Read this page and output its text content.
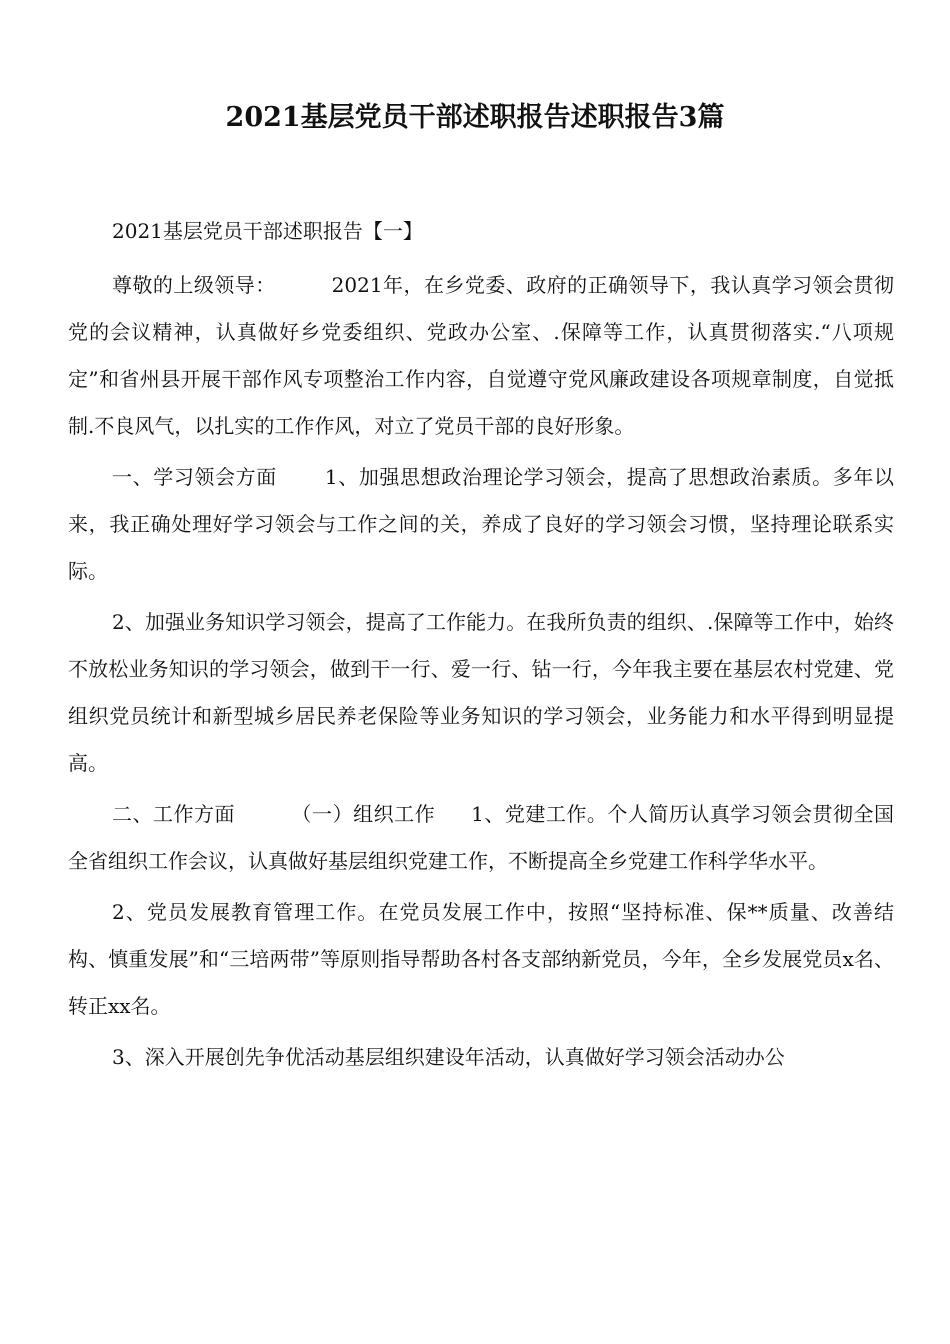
2021基层党员干部述职报告述职报告3篇
2021基层党员干部述职报告【一】

尊敬的上级领导：	2021年，在乡党委、政府的正确领导下，我认真学习领会贯彻党的会议精神，认真做好乡党委组织、党政办公室、.保障等工作，认真贯彻落实.“八项规定”和省州县开展干部作风专项整治工作内容，自觉遵守党风廉政建设各项规章制度，自觉抵制.不良风气，以扎实的工作作风，对立了党员干部的良好形象。

一、学习领会方面 1、加强思想政治理论学习领会，提高了思想政治素质。多年以来，我正确处理好学习领会与工作之间的关，养成了良好的学习领会习惯，坚持理论联系实际。

2、加强业务知识学习领会，提高了工作能力。在我所负责的组织、.保障等工作中，始终不放松业务知识的学习领会，做到干一行、爱一行、钻一行，今年我主要在基层农村党建、党组织党员统计和新型城乡居民养老保险等业务知识的学习领会，业务能力和水平得到明显提高。

二、工作方面	（一）组织工作 1、党建工作。个人简历认真学习领会贯彻全国全省组织工作会议，认真做好基层组织党建工作，不断提高全乡党建工作科学华水平。

2、党员发展教育管理工作。在党员发展工作中，按照“坚持标准、保**质量、改善结构、慎重发展”和“三培两带”等原则指导帮助各村各支部纳新党员，今年，全乡发展党员x名、转正xx名。

3、深入开展创先争优活动基层组织建设年活动，认真做好学习领会活动办公
